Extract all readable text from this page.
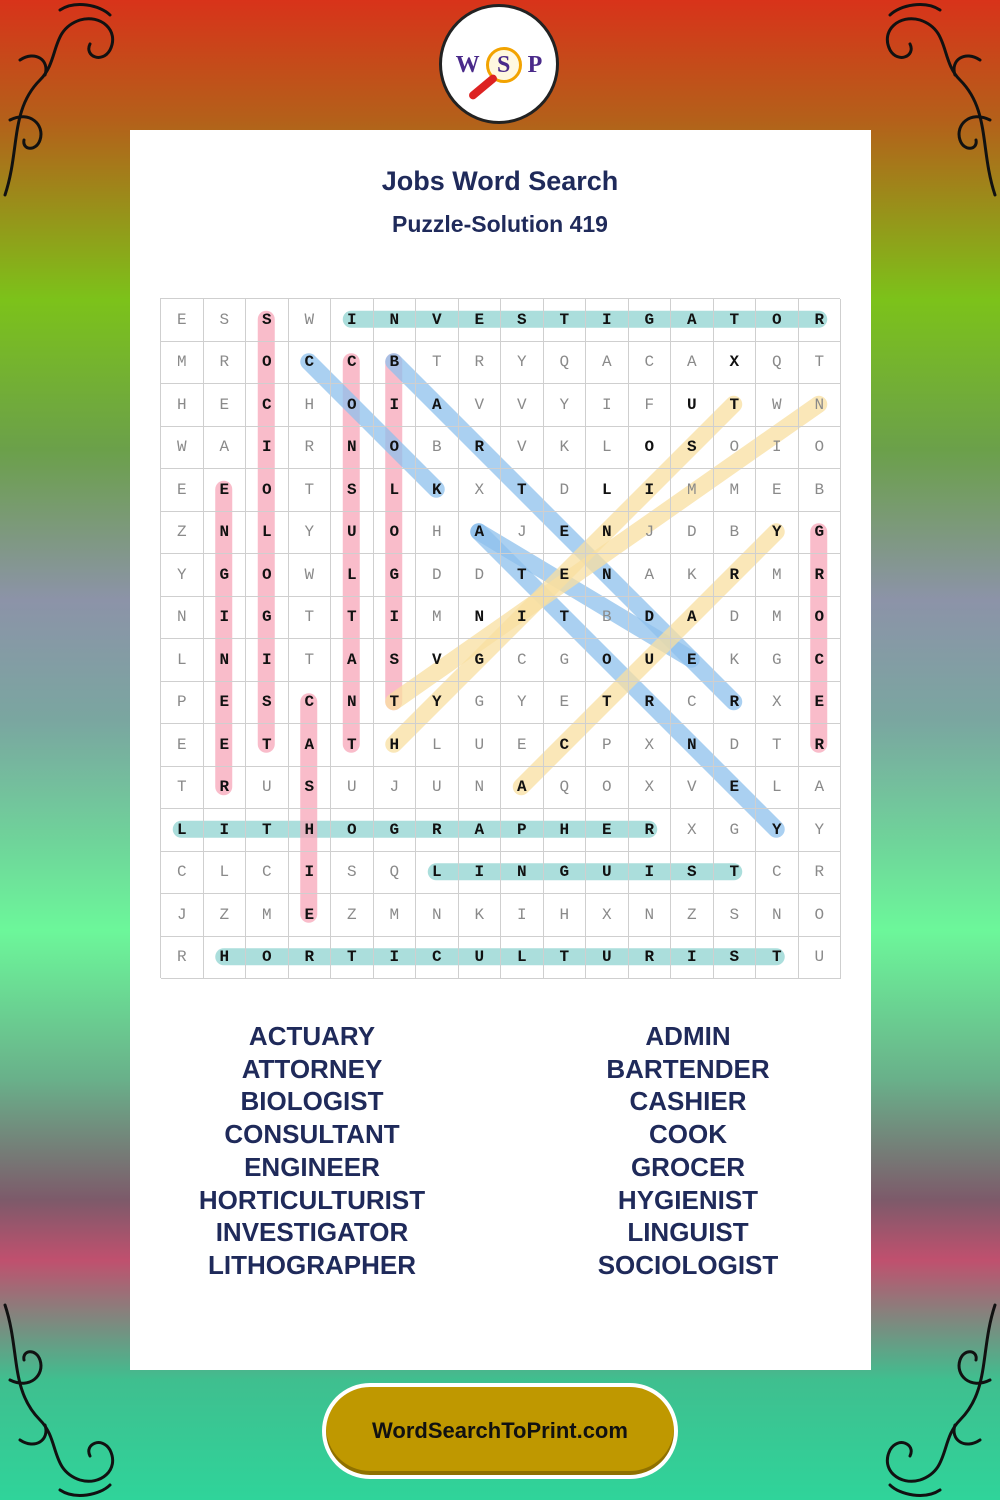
W S P
Jobs Word Search
Puzzle-Solution 419
E	S	S	W	I	N	V	E	S	T	I	G	A	T	O	R
M	R	O	C	C	B	T	R	Y	Q	A	C	A	X	Q	T
H	E	C	H	O	I	A	V	V	Y	I	F	U	T	W	N
W	A	I	R	N	O	B	R	V	K	L	O	S	O	I	O
E	E	O	T	S	L	K	X	T	D	L	I	M	M	E	B
Z	N	L	Y	U	O	H	A	J	E	N	J	D	B	Y	G
Y	G	O	W	L	G	D	D	T	E	N	A	K	R	M	R
N	I	G	T	T	I	M	N	I	T	B	D	A	D	M	O
L	N	I	T	A	S	V	G	C	G	O	U	E	K	G	C
P	E	S	C	N	T	Y	G	Y	E	T	R	C	R	X	E
E	E	T	A	T	H	L	U	E	C	P	X	N	D	T	R
T	R	U	S	U	J	U	N	A	Q	O	X	V	E	L	A
L	I	T	H	O	G	R	A	P	H	E	R	X	G	Y	Y
C	L	C	I	S	Q	L	I	N	G	U	I	S	T	C	R
J	Z	M	E	Z	M	N	K	I	H	X	N	Z	S	N	O
R	H	O	R	T	I	C	U	L	T	U	R	I	S	T	U
ACTUARY
ATTORNEY
BIOLOGIST
CONSULTANT
ENGINEER
HORTICULTURIST
INVESTIGATOR
LITHOGRAPHER
ADMIN
BARTENDER
CASHIER
COOK
GROCER
HYGIENIST
LINGUIST
SOCIOLOGIST
WordSearchToPrint.com
